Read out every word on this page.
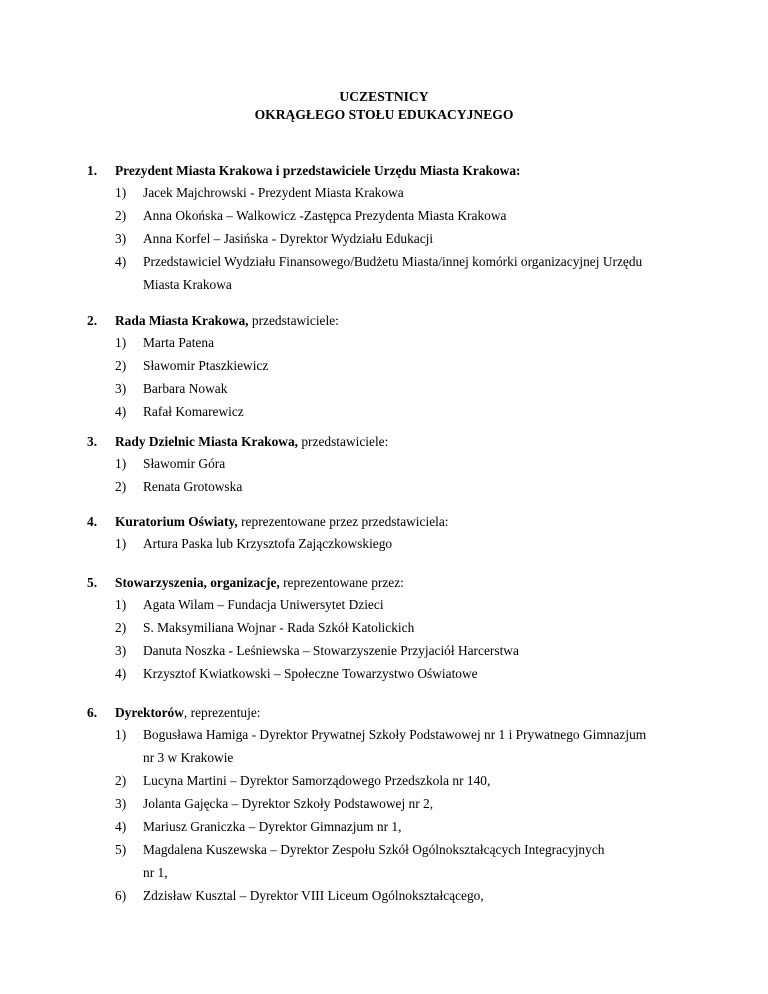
UCZESTNICY
OKRĄGŁEGO STOŁU EDUKACYJNEGO
1. Prezydent Miasta Krakowa i przedstawiciele Urzędu Miasta Krakowa:
1) Jacek Majchrowski - Prezydent Miasta Krakowa
2) Anna Okońska – Walkowicz -Zastępca Prezydenta Miasta Krakowa
3) Anna Korfel – Jasińska - Dyrektor Wydziału Edukacji
4) Przedstawiciel Wydziału Finansowego/Budżetu Miasta/innej komórki organizacyjnej Urzędu
Miasta Krakowa
2. Rada Miasta Krakowa, przedstawiciele:
1) Marta Patena
2) Sławomir Ptaszkiewicz
3) Barbara Nowak
4) Rafał Komarewicz
3. Rady Dzielnic Miasta Krakowa, przedstawiciele:
1) Sławomir Góra
2) Renata Grotowska
4. Kuratorium Oświaty, reprezentowane przez przedstawiciela:
1) Artura Paska lub Krzysztofa Zajączkowskiego
5. Stowarzyszenia, organizacje, reprezentowane przez:
1) Agata Wilam – Fundacja Uniwersytet Dzieci
2) S. Maksymiliana Wojnar - Rada Szkół Katolickich
3) Danuta Noszka - Leśniewska – Stowarzyszenie Przyjaciół Harcerstwa
4) Krzysztof Kwiatkowski – Społeczne Towarzystwo Oświatowe
6. Dyrektorów, reprezentuje:
1) Bogusława Hamiga - Dyrektor Prywatnej Szkoły Podstawowej nr 1 i Prywatnego Gimnazjum
nr 3 w Krakowie
2) Lucyna Martini – Dyrektor Samorządowego Przedszkola nr 140,
3) Jolanta Gajęcka – Dyrektor Szkoły Podstawowej nr 2,
4) Mariusz Graniczka – Dyrektor Gimnazjum nr 1,
5) Magdalena Kuszewska – Dyrektor Zespołu Szkół Ogólnokształcących Integracyjnych
nr 1,
6) Zdzisław Kusztal – Dyrektor VIII Liceum Ogólnokształcącego,
